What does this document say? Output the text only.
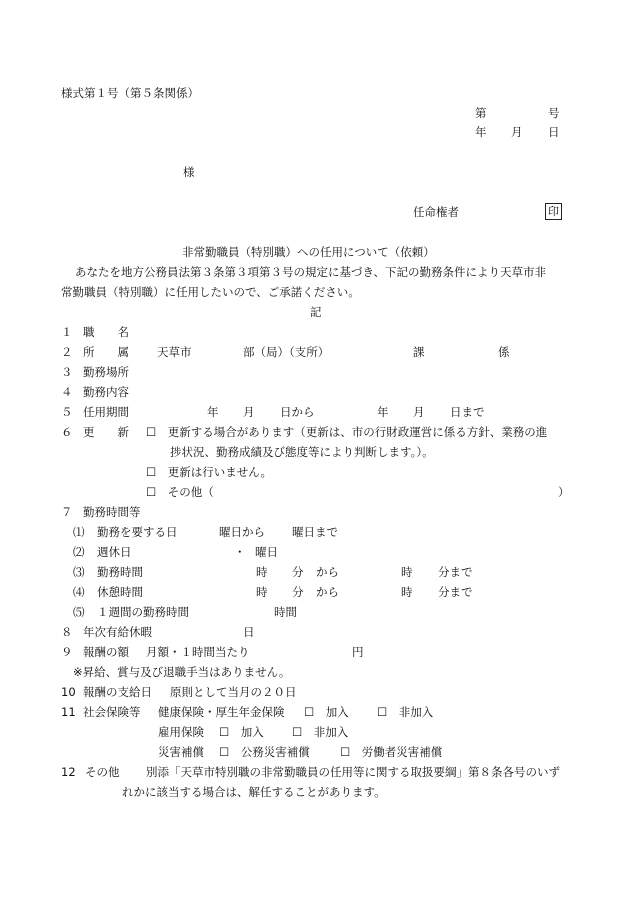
様式第１号（第５条関係）
第	号
年 月 日
様
任命権者	印
非常勤職員（特別職）への任用について（依頼）
あなたを地方公務員法第３条第３項第３号の規定に基づき、下記の勤務条件により天草市非
常勤職員（特別職）に任用したいので、ご承諾ください。
記
１ 職　　名
２ 所　　属 天草市	部（局）（支所）	課	係
３ 勤務場所
４ 勤務内容
５ 任用期間	年 月 日から	年 月 日まで
６ 更　　新 ☐　更新する場合があります（更新は、市の行財政運営に係る方針、業務の進
捗状況、勤務成績及び態度等により判断します。）。
☐　更新は行いません。
☐　その他（	）
７ 勤務時間等
⑴ 勤務を要する日	曜日から 曜日まで
⑵ 週休日	・ 曜日
⑶ 勤務時間	時 分 から	時 分まで
⑷ 休憩時間	時 分 から	時 分まで
⑸ １週間の勤務時間	時間
８ 年次有給休暇	日
９ 報酬の額 月額・１時間当たり	円
※昇給、賞与及び退職手当はありません。
10 報酬の支給日 原則として当月の２０日
11 社会保険等 健康保険・厚生年金保険 ☐　加入 ☐　非加入
雇用保険 ☐　加入 ☐　非加入
災害補償 ☐　公務災害補償	☐　労働者災害補償
12 その他 別添「天草市特別職の非常勤職員の任用等に関する取扱要綱」第８条各号のいず
れかに該当する場合は、解任することがあります。
